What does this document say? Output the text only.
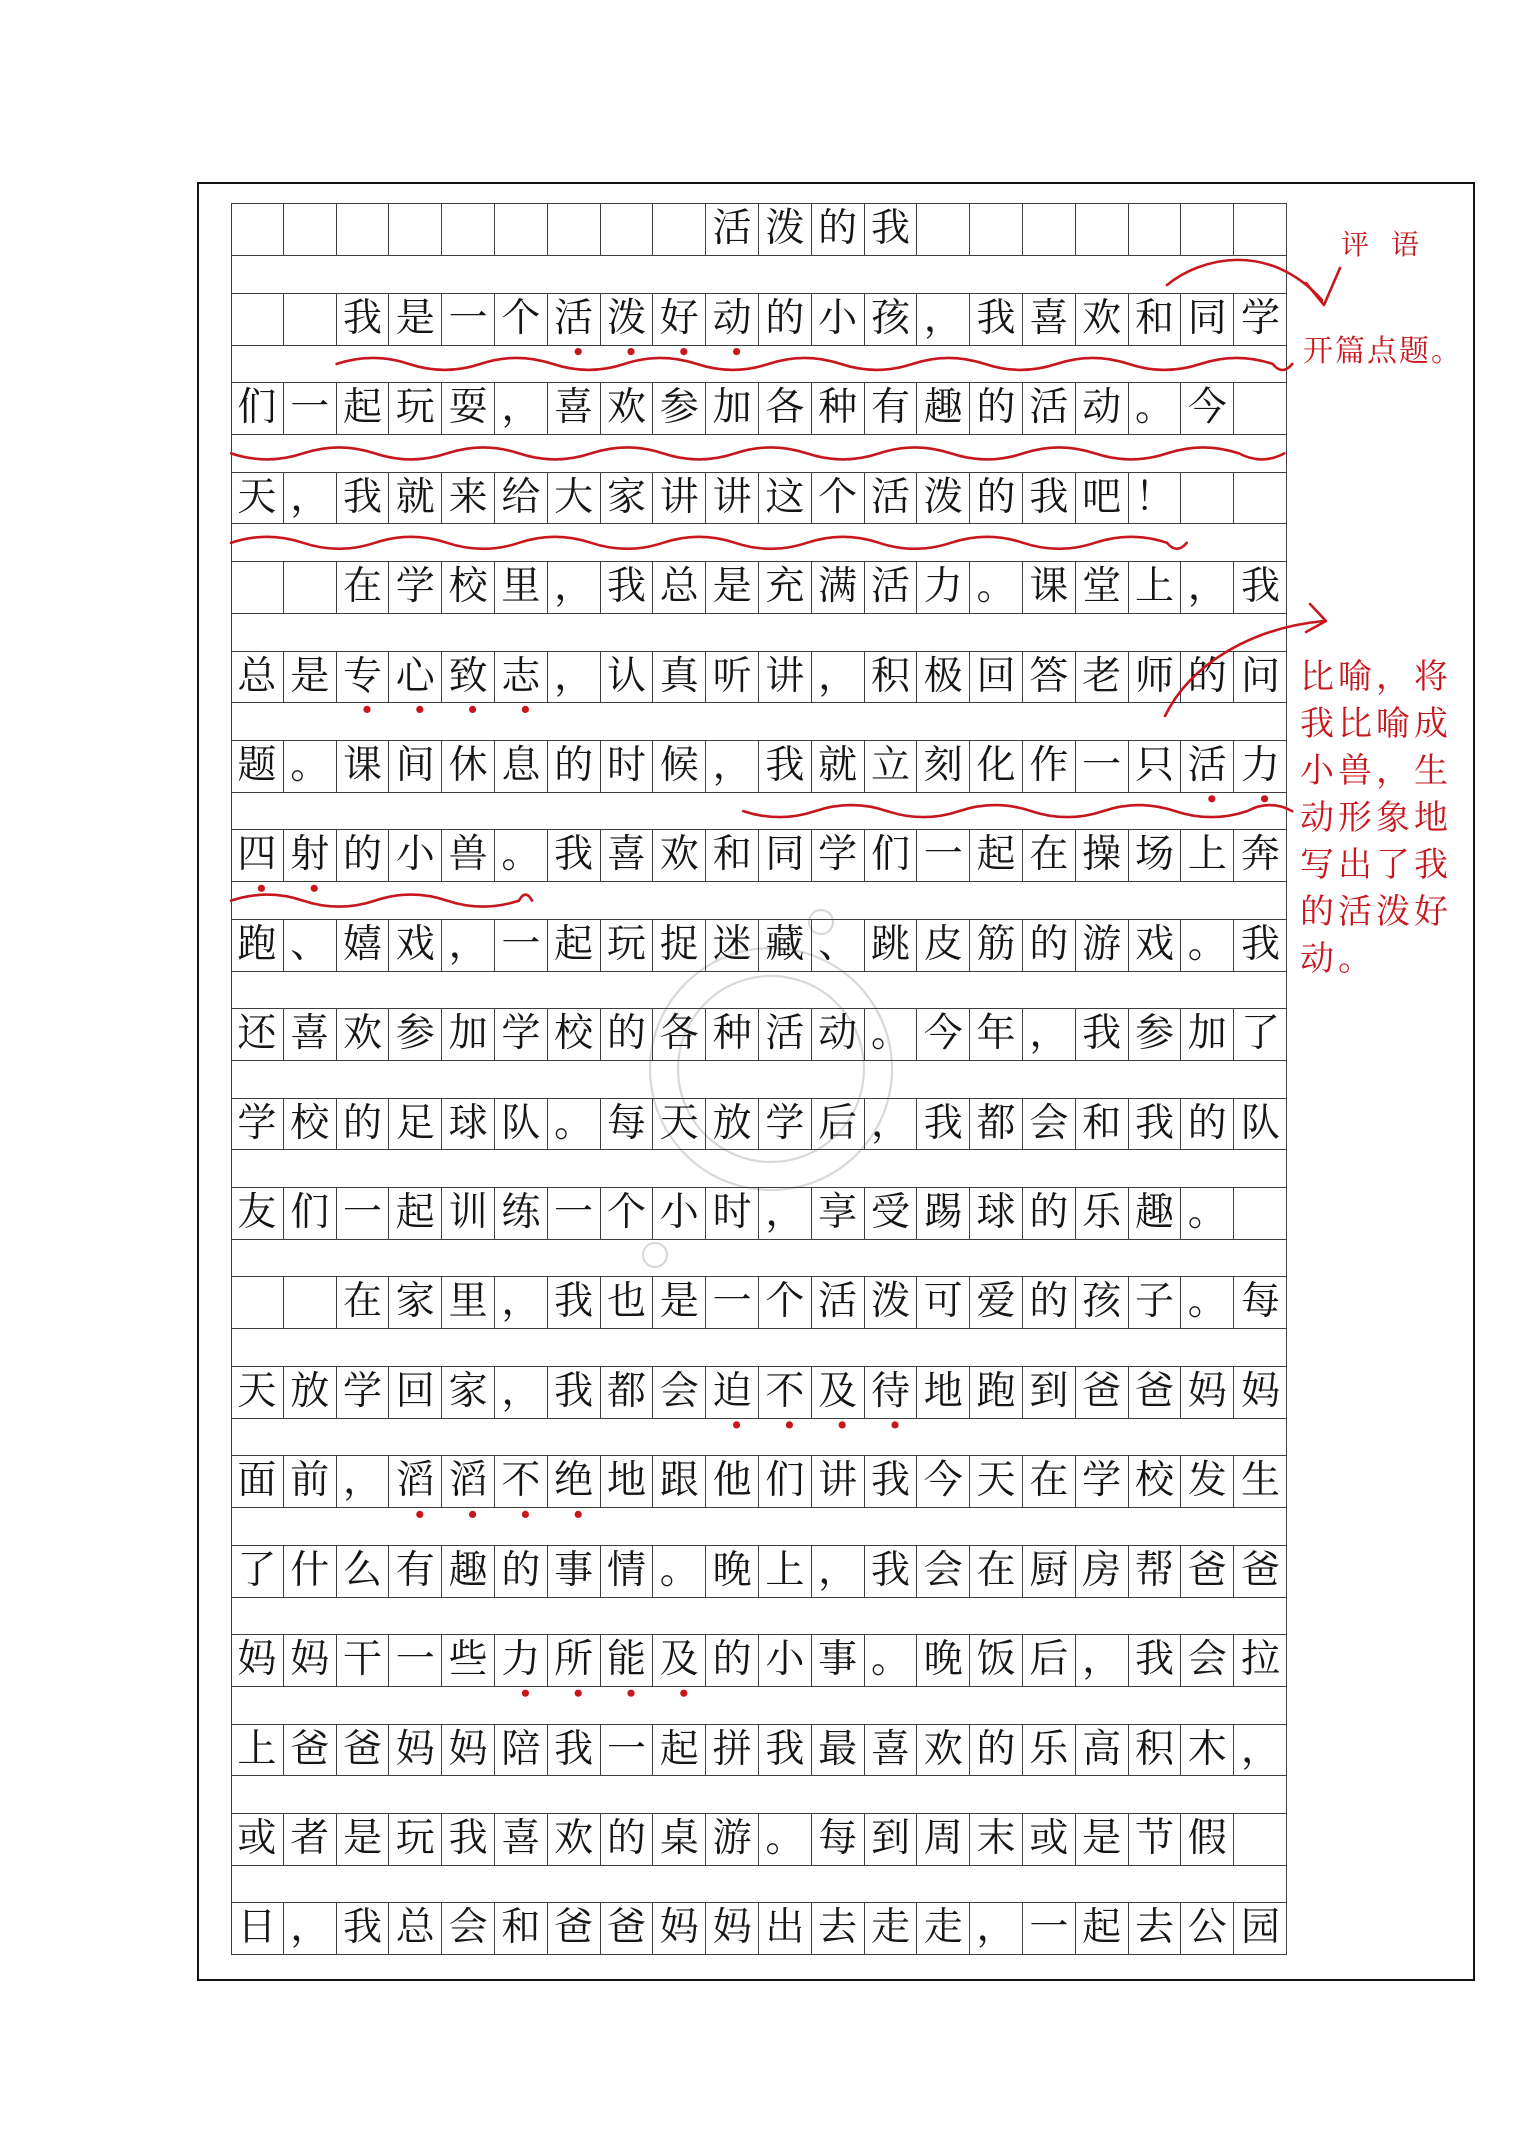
活 泼 的 我
我 是 一 个 活 泼 好 动 的 小 孩 ， 我 喜 欢 和 同 学
们 一 起 玩 耍 ， 喜 欢 参 加 各 种 有 趣 的 活 动 。 今
天 ， 我 就 来 给 大 家 讲 讲 这 个 活 泼 的 我 吧 ！
在 学 校 里 ， 我 总 是 充 满 活 力 。 课 堂 上 ， 我
总 是 专 心 致 志 ， 认 真 听 讲 ， 积 极 回 答 老 师 的 问
题 。 课 间 休 息 的 时 候 ， 我 就 立 刻 化 作 一 只 活 力
四 射 的 小 兽 。 我 喜 欢 和 同 学 们 一 起 在 操 场 上 奔
跑 、 嬉 戏 ， 一 起 玩 捉 迷 藏 、 跳 皮 筋 的 游 戏 。 我
还 喜 欢 参 加 学 校 的 各 种 活 动 。 今 年 ， 我 参 加 了
学 校 的 足 球 队 。 每 天 放 学 后 ， 我 都 会 和 我 的 队
友 们 一 起 训 练 一 个 小 时 ， 享 受 踢 球 的 乐 趣 。
在 家 里 ， 我 也 是 一 个 活 泼 可 爱 的 孩 子 。 每
天 放 学 回 家 ， 我 都 会 迫 不 及 待 地 跑 到 爸 爸 妈 妈
面 前 ， 滔 滔 不 绝 地 跟 他 们 讲 我 今 天 在 学 校 发 生
了 什 么 有 趣 的 事 情 。 晚 上 ， 我 会 在 厨 房 帮 爸 爸
妈 妈 干 一 些 力 所 能 及 的 小 事 。 晚 饭 后 ， 我 会 拉
上 爸 爸 妈 妈 陪 我 一 起 拼 我 最 喜 欢 的 乐 高 积 木 ，
或 者 是 玩 我 喜 欢 的 桌 游 。 每 到 周 末 或 是 节 假
日 ， 我 总 会 和 爸 爸 妈 妈 出 去 走 走 ， 一 起 去 公 园
评语
开篇点题。
比喻，将
我比喻成
小兽，生
动形象地
写出了我
的活泼好
动。
